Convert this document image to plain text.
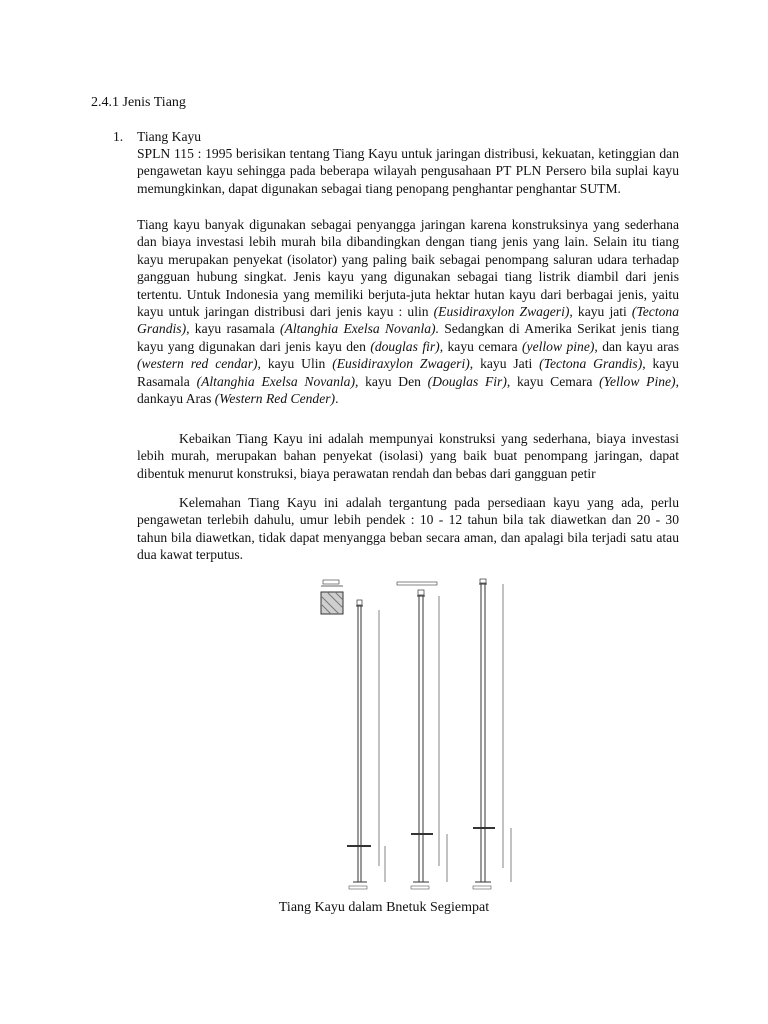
2.4.1 Jenis Tiang
1. Tiang Kayu
SPLN 115 : 1995 berisikan tentang Tiang Kayu untuk jaringan distribusi, kekuatan, ketinggian dan pengawetan kayu sehingga pada beberapa wilayah pengusahaan PT PLN Persero bila suplai kayu memungkinkan, dapat digunakan sebagai tiang penopang penghantar penghantar SUTM.
Tiang kayu banyak digunakan sebagai penyangga jaringan karena konstruksinya yang sederhana dan biaya investasi lebih murah bila dibandingkan dengan tiang jenis yang lain. Selain itu tiang kayu merupakan penyekat (isolator) yang paling baik sebagai penompang saluran udara terhadap gangguan hubung singkat. Jenis kayu yang digunakan sebagai tiang listrik diambil dari jenis tertentu. Untuk Indonesia yang memiliki berjuta-juta hektar hutan kayu dari berbagai jenis, yaitu kayu untuk jaringan distribusi dari jenis kayu : ulin (Eusidiraxylon Zwageri), kayu jati (Tectona Grandis), kayu rasamala (Altanghia Exelsa Novanla). Sedangkan di Amerika Serikat jenis tiang kayu yang digunakan dari jenis kayu den (douglas fir), kayu cemara (yellow pine), dan kayu aras (western red cendar), kayu Ulin (Eusidiraxylon Zwageri), kayu Jati (Tectona Grandis), kayu Rasamala (Altanghia Exelsa Novanla), kayu Den (Douglas Fir), kayu Cemara (Yellow Pine), dankayu Aras (Western Red Cender).
Kebaikan Tiang Kayu ini adalah mempunyai konstruksi yang sederhana, biaya investasi lebih murah, merupakan bahan penyekat (isolasi) yang baik buat penompang jaringan, dapat dibentuk menurut konstruksi, biaya perawatan rendah dan bebas dari gangguan petir
Kelemahan Tiang Kayu ini adalah tergantung pada persediaan kayu yang ada, perlu pengawetan terlebih dahulu, umur lebih pendek : 10 - 12 tahun bila tak diawetkan dan 20 - 30 tahun bila diawetkan, tidak dapat menyangga beban secara aman, dan apalagi bila terjadi satu atau dua kawat terputus.
Tiang Kayu dalam Bnetuk Segiempat
